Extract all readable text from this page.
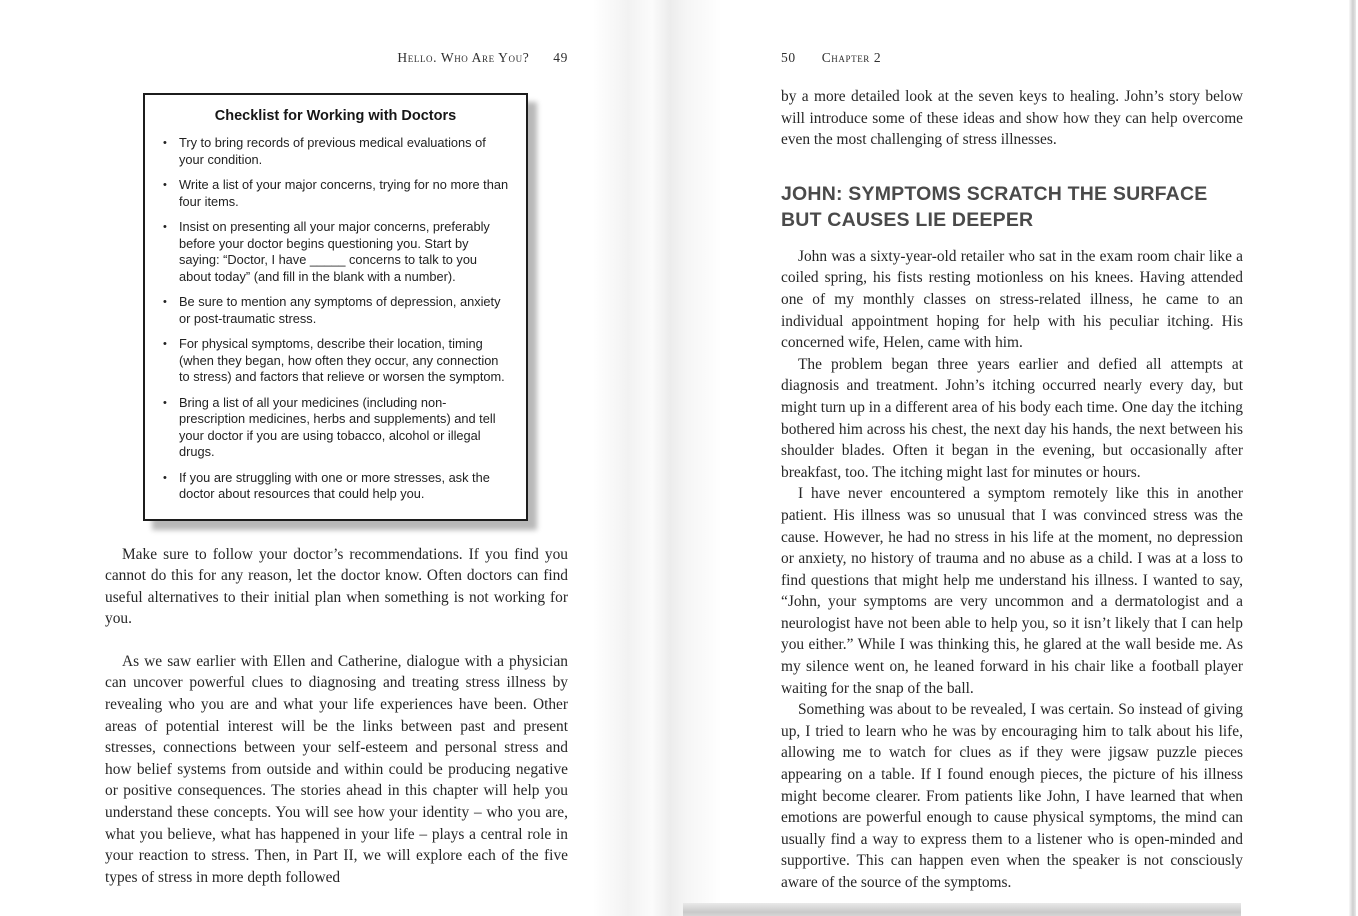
Hello. Who Are You? 49
Checklist for Working with Doctors
• Try to bring records of previous medical evaluations of your condition.
• Write a list of your major concerns, trying for no more than four items.
• Insist on presenting all your major concerns, preferably before your doctor begins questioning you. Start by saying: “Doctor, I have _____ concerns to talk to you about today” (and fill in the blank with a number).
• Be sure to mention any symptoms of depression, anxiety or post-traumatic stress.
• For physical symptoms, describe their location, timing (when they began, how often they occur, any connection to stress) and factors that relieve or worsen the symptom.
• Bring a list of all your medicines (including non-prescription medicines, herbs and supplements) and tell your doctor if you are using tobacco, alcohol or illegal drugs.
• If you are struggling with one or more stresses, ask the doctor about resources that could help you.

Make sure to follow your doctor’s recommendations. If you find you cannot do this for any reason, let the doctor know. Often doctors can find useful alternatives to their initial plan when something is not working for you.

As we saw earlier with Ellen and Catherine, dialogue with a physician can uncover powerful clues to diagnosing and treating stress illness by revealing who you are and what your life experiences have been. Other areas of potential interest will be the links between past and present stresses, connections between your self-esteem and personal stress and how belief systems from outside and within could be producing negative or positive consequences. The stories ahead in this chapter will help you understand these concepts. You will see how your identity – who you are, what you believe, what has happened in your life – plays a central role in your reaction to stress. Then, in Part II, we will explore each of the five types of stress in more depth followed

50 Chapter 2

by a more detailed look at the seven keys to healing. John’s story below will introduce some of these ideas and show how they can help overcome even the most challenging of stress illnesses.

JOHN: SYMPTOMS SCRATCH THE SURFACE
BUT CAUSES LIE DEEPER

John was a sixty-year-old retailer who sat in the exam room chair like a coiled spring, his fists resting motionless on his knees. Having attended one of my monthly classes on stress-related illness, he came to an individual appointment hoping for help with his peculiar itching. His concerned wife, Helen, came with him.

The problem began three years earlier and defied all attempts at diagnosis and treatment. John’s itching occurred nearly every day, but might turn up in a different area of his body each time. One day the itching bothered him across his chest, the next day his hands, the next between his shoulder blades. Often it began in the evening, but occasionally after breakfast, too. The itching might last for minutes or hours.

I have never encountered a symptom remotely like this in another patient. His illness was so unusual that I was convinced stress was the cause. However, he had no stress in his life at the moment, no depression or anxiety, no history of trauma and no abuse as a child. I was at a loss to find questions that might help me understand his illness. I wanted to say, “John, your symptoms are very uncommon and a dermatologist and a neurologist have not been able to help you, so it isn’t likely that I can help you either.” While I was thinking this, he glared at the wall beside me. As my silence went on, he leaned forward in his chair like a football player waiting for the snap of the ball.

Something was about to be revealed, I was certain. So instead of giving up, I tried to learn who he was by encouraging him to talk about his life, allowing me to watch for clues as if they were jigsaw puzzle pieces appearing on a table. If I found enough pieces, the picture of his illness might become clearer. From patients like John, I have learned that when emotions are powerful enough to cause physical symptoms, the mind can usually find a way to express them to a listener who is open-minded and supportive. This can happen even when the speaker is not consciously aware of the source of the symptoms.
